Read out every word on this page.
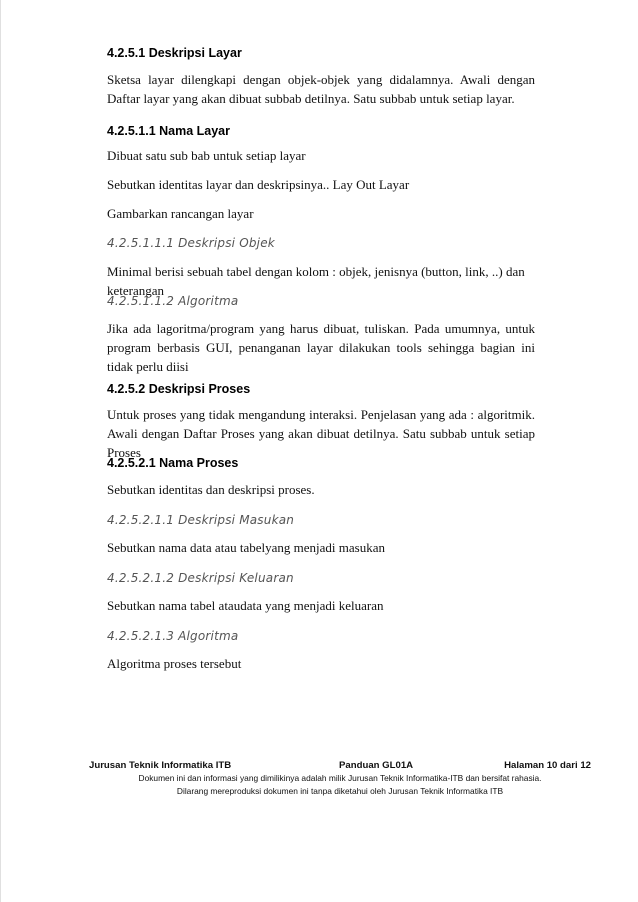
4.2.5.1 Deskripsi Layar
Sketsa layar dilengkapi dengan objek-objek yang didalamnya. Awali dengan Daftar layar yang akan dibuat subbab detilnya. Satu subbab untuk setiap layar.
4.2.5.1.1 Nama Layar
Dibuat satu sub bab untuk setiap layar
Sebutkan identitas layar dan deskripsinya.. Lay Out Layar
Gambarkan rancangan layar
4.2.5.1.1.1 Deskripsi Objek
Minimal berisi sebuah tabel dengan kolom : objek, jenisnya (button, link, ..) dan keterangan
4.2.5.1.1.2 Algoritma
Jika ada lagoritma/program yang harus dibuat, tuliskan. Pada umumnya, untuk program berbasis GUI, penanganan layar dilakukan tools sehingga bagian ini tidak perlu diisi
4.2.5.2 Deskripsi Proses
Untuk proses yang tidak mengandung interaksi. Penjelasan yang ada : algoritmik. Awali dengan Daftar Proses yang akan dibuat detilnya. Satu subbab untuk setiap Proses
4.2.5.2.1 Nama Proses
Sebutkan identitas dan deskripsi proses.
4.2.5.2.1.1 Deskripsi Masukan
Sebutkan nama data atau tabelyang menjadi masukan
4.2.5.2.1.2 Deskripsi Keluaran
Sebutkan nama tabel ataudata yang menjadi keluaran
4.2.5.2.1.3 Algoritma
Algoritma proses tersebut
Jurusan Teknik Informatika ITB	Panduan GL01A	Halaman 10 dari 12
Dokumen ini dan informasi yang dimilikinya adalah milik Jurusan Teknik Informatika-ITB dan bersifat rahasia.
Dilarang mereproduksi dokumen ini tanpa diketahui oleh Jurusan Teknik Informatika ITB
